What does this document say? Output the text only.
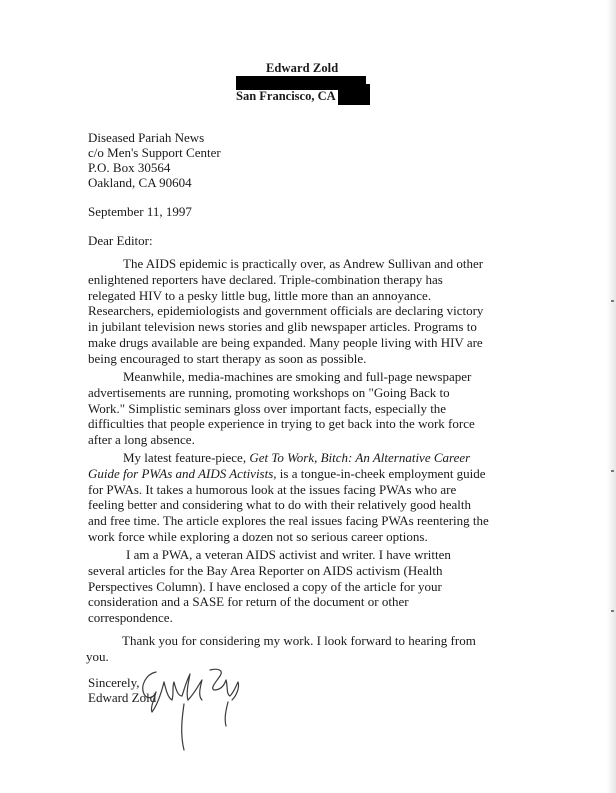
Edward Zold
San Francisco, CA
Diseased Pariah News
c/o Men's Support Center
P.O. Box 30564
Oakland, CA 90604
September 11, 1997
Dear Editor:
The AIDS epidemic is practically over, as Andrew Sullivan and other
enlightened reporters have declared. Triple-combination therapy has
relegated HIV to a pesky little bug, little more than an annoyance.
Researchers, epidemiologists and government officials are declaring victory
in jubilant television news stories and glib newspaper articles. Programs to
make drugs available are being expanded. Many people living with HIV are
being encouraged to start therapy as soon as possible.
Meanwhile, media-machines are smoking and full-page newspaper
advertisements are running, promoting workshops on "Going Back to
Work." Simplistic seminars gloss over important facts, especially the
difficulties that people experience in trying to get back into the work force
after a long absence.
My latest feature-piece, Get To Work, Bitch: An Alternative Career
Guide for PWAs and AIDS Activists, is a tongue-in-cheek employment guide
for PWAs. It takes a humorous look at the issues facing PWAs who are
feeling better and considering what to do with their relatively good health
and free time. The article explores the real issues facing PWAs reentering the
work force while exploring a dozen not so serious career options.
I am a PWA, a veteran AIDS activist and writer. I have written
several articles for the Bay Area Reporter on AIDS activism (Health
Perspectives Column). I have enclosed a copy of the article for your
consideration and a SASE for return of the document or other
correspondence.
Thank you for considering my work. I look forward to hearing from
you.
Sincerely,
Edward Zold
